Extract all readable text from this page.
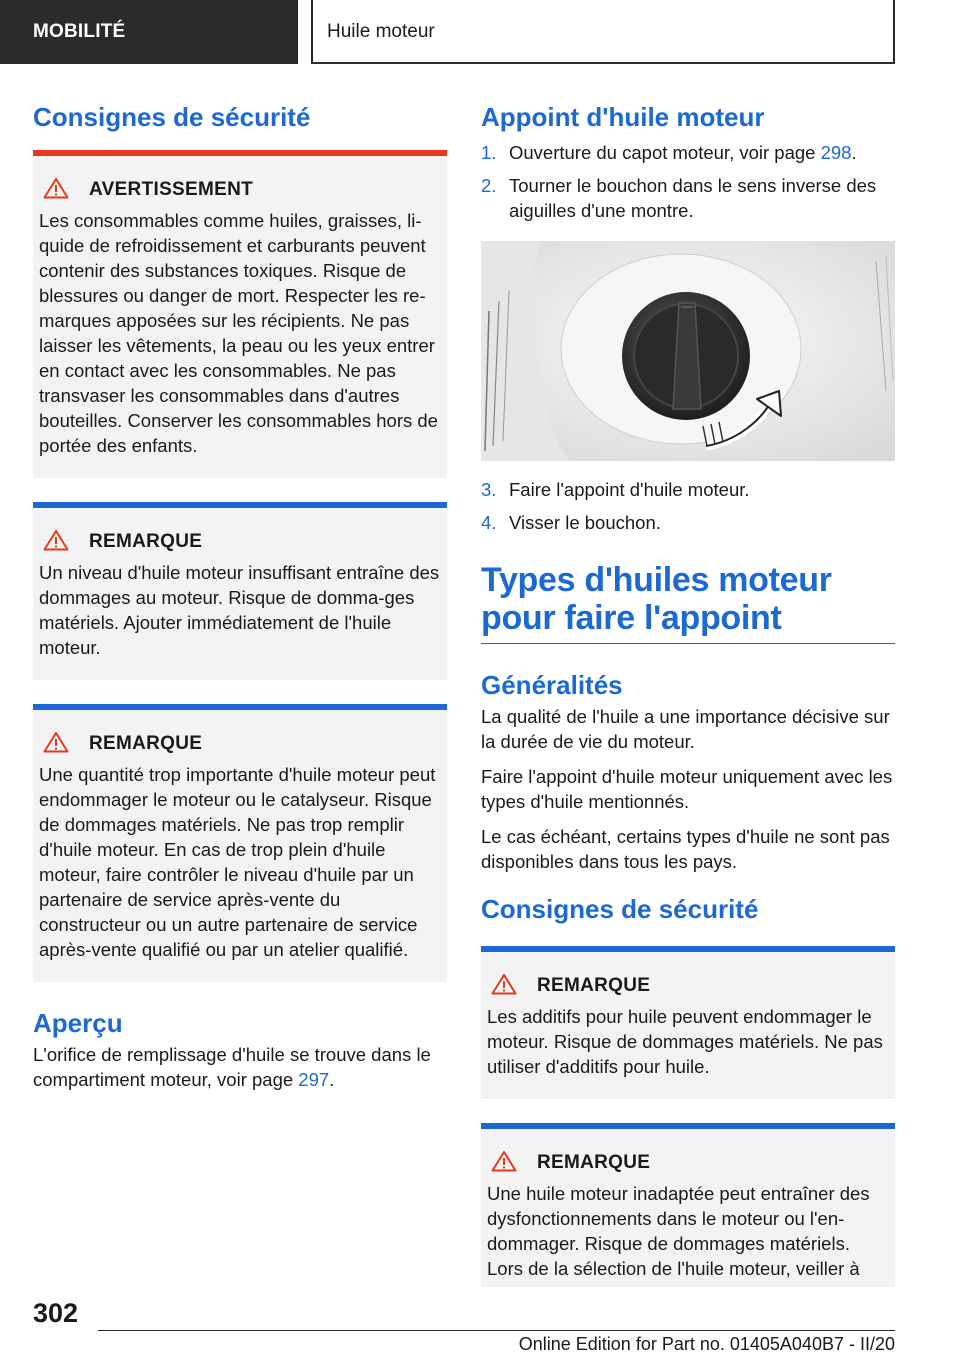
MOBILITÉ	Huile moteur
Consignes de sécurité
AVERTISSEMENT

Les consommables comme huiles, graisses, li-quide de refroidissement et carburants peuvent contenir des substances toxiques. Risque de blessures ou danger de mort. Respecter les re-marques apposées sur les récipients. Ne pas laisser les vêtements, la peau ou les yeux entrer en contact avec les consommables. Ne pas transvaser les consommables dans d'autres bouteilles. Conserver les consommables hors de portée des enfants.

REMARQUE

Un niveau d'huile moteur insuffisant entraîne des dommages au moteur. Risque de domma-ges matériels. Ajouter immédiatement de l'huile moteur.

REMARQUE

Une quantité trop importante d'huile moteur peut endommager le moteur ou le catalyseur. Risque de dommages matériels. Ne pas trop remplir d'huile moteur. En cas de trop plein d'huile moteur, faire contrôler le niveau d'huile par un partenaire de service après-vente du constructeur ou un autre partenaire de service après-vente qualifié ou par un atelier qualifié.

Aperçu

L'orifice de remplissage d'huile se trouve dans le compartiment moteur, voir page 297.

Appoint d'huile moteur
1. Ouverture du capot moteur, voir page 298.
2. Tourner le bouchon dans le sens inverse des aiguilles d'une montre.
3. Faire l'appoint d'huile moteur.
4. Visser le bouchon.
Types d'huiles moteur pour faire l'appoint
Généralités

La qualité de l'huile a une importance décisive sur la durée de vie du moteur.

Faire l'appoint d'huile moteur uniquement avec les types d'huile mentionnés.

Le cas échéant, certains types d'huile ne sont pas disponibles dans tous les pays.

Consignes de sécurité
REMARQUE

Les additifs pour huile peuvent endommager le moteur. Risque de dommages matériels. Ne pas utiliser d'additifs pour huile.

REMARQUE

Une huile moteur inadaptée peut entraîner des dysfonctionnements dans le moteur ou l'en-dommager. Risque de dommages matériels. Lors de la sélection de l'huile moteur, veiller à

302
Online Edition for Part no. 01405A040B7 - II/20
